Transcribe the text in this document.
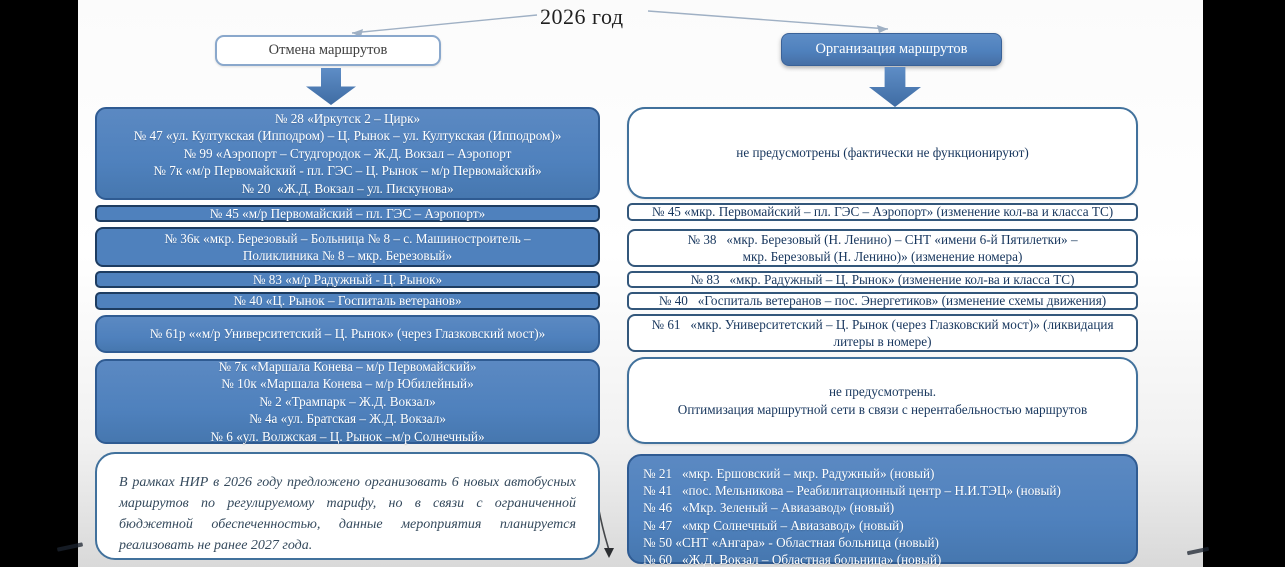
2026 год
Отмена маршрутов	Организация маршрутов
№ 28 «Иркутск 2 – Цирк»
№ 47 «ул. Култукская (Ипподром) – Ц. Рынок – ул. Култукская (Ипподром)»
№ 99 «Аэропорт – Студгородок – Ж.Д. Вокзал – Аэропорт
№ 7к «м/р Первомайский - пл. ГЭС – Ц. Рынок – м/р Первомайский»
№ 20  «Ж.Д. Вокзал – ул. Пискунова»
№ 45 «м/р Первомайский – пл. ГЭС – Аэропорт»
№ 36к «мкр. Березовый – Больница № 8 – с. Машиностроитель –
Поликлиника № 8 – мкр. Березовый»
№ 83 «м/р Радужный - Ц. Рынок»
№ 40 «Ц. Рынок – Госпиталь ветеранов»
№ 61р ««м/р Университетский – Ц. Рынок» (через Глазковский мост)»
№ 7к «Маршала Конева – м/р Первомайский»
№ 10к «Маршала Конева – м/р Юбилейный»
№ 2 «Трампарк – Ж.Д. Вокзал»
№ 4а «ул. Братская – Ж.Д. Вокзал»
№ 6 «ул. Волжская – Ц. Рынок –м/р Солнечный»
В рамках НИР в 2026 году предложено организовать 6 новых автобусных маршрутов по регулируемому тарифу, но в связи с ограниченной бюджетной обеспеченностью, данные мероприятия планируется реализовать не ранее 2027 года.
не предусмотрены (фактически не функционируют)
№ 45 «мкр. Первомайский – пл. ГЭС – Аэропорт» (изменение кол-ва и класса ТС)
№ 38   «мкр. Березовый (Н. Ленино) – СНТ «имени 6-й Пятилетки» –
мкр. Березовый (Н. Ленино)» (изменение номера)
№ 83   «мкр. Радужный – Ц. Рынок» (изменение кол-ва и класса ТС)
№ 40   «Госпиталь ветеранов – пос. Энергетиков» (изменение схемы движения)
№ 61   «мкр. Университетский – Ц. Рынок (через Глазковский мост)» (ликвидация
литеры в номере)
не предусмотрены.
Оптимизация маршрутной сети в связи с нерентабельностью маршрутов
№ 21   «мкр. Ершовский – мкр. Радужный» (новый)
№ 41   «пос. Мельникова – Реабилитационный центр – Н.И.ТЭЦ» (новый)
№ 46   «Мкр. Зеленый – Авиазавод» (новый)
№ 47   «мкр Солнечный – Авиазавод» (новый)
№ 50 «СНТ «Ангара» - Областная больница (новый)
№ 60   «Ж.Д. Вокзал – Областная больница» (новый)
